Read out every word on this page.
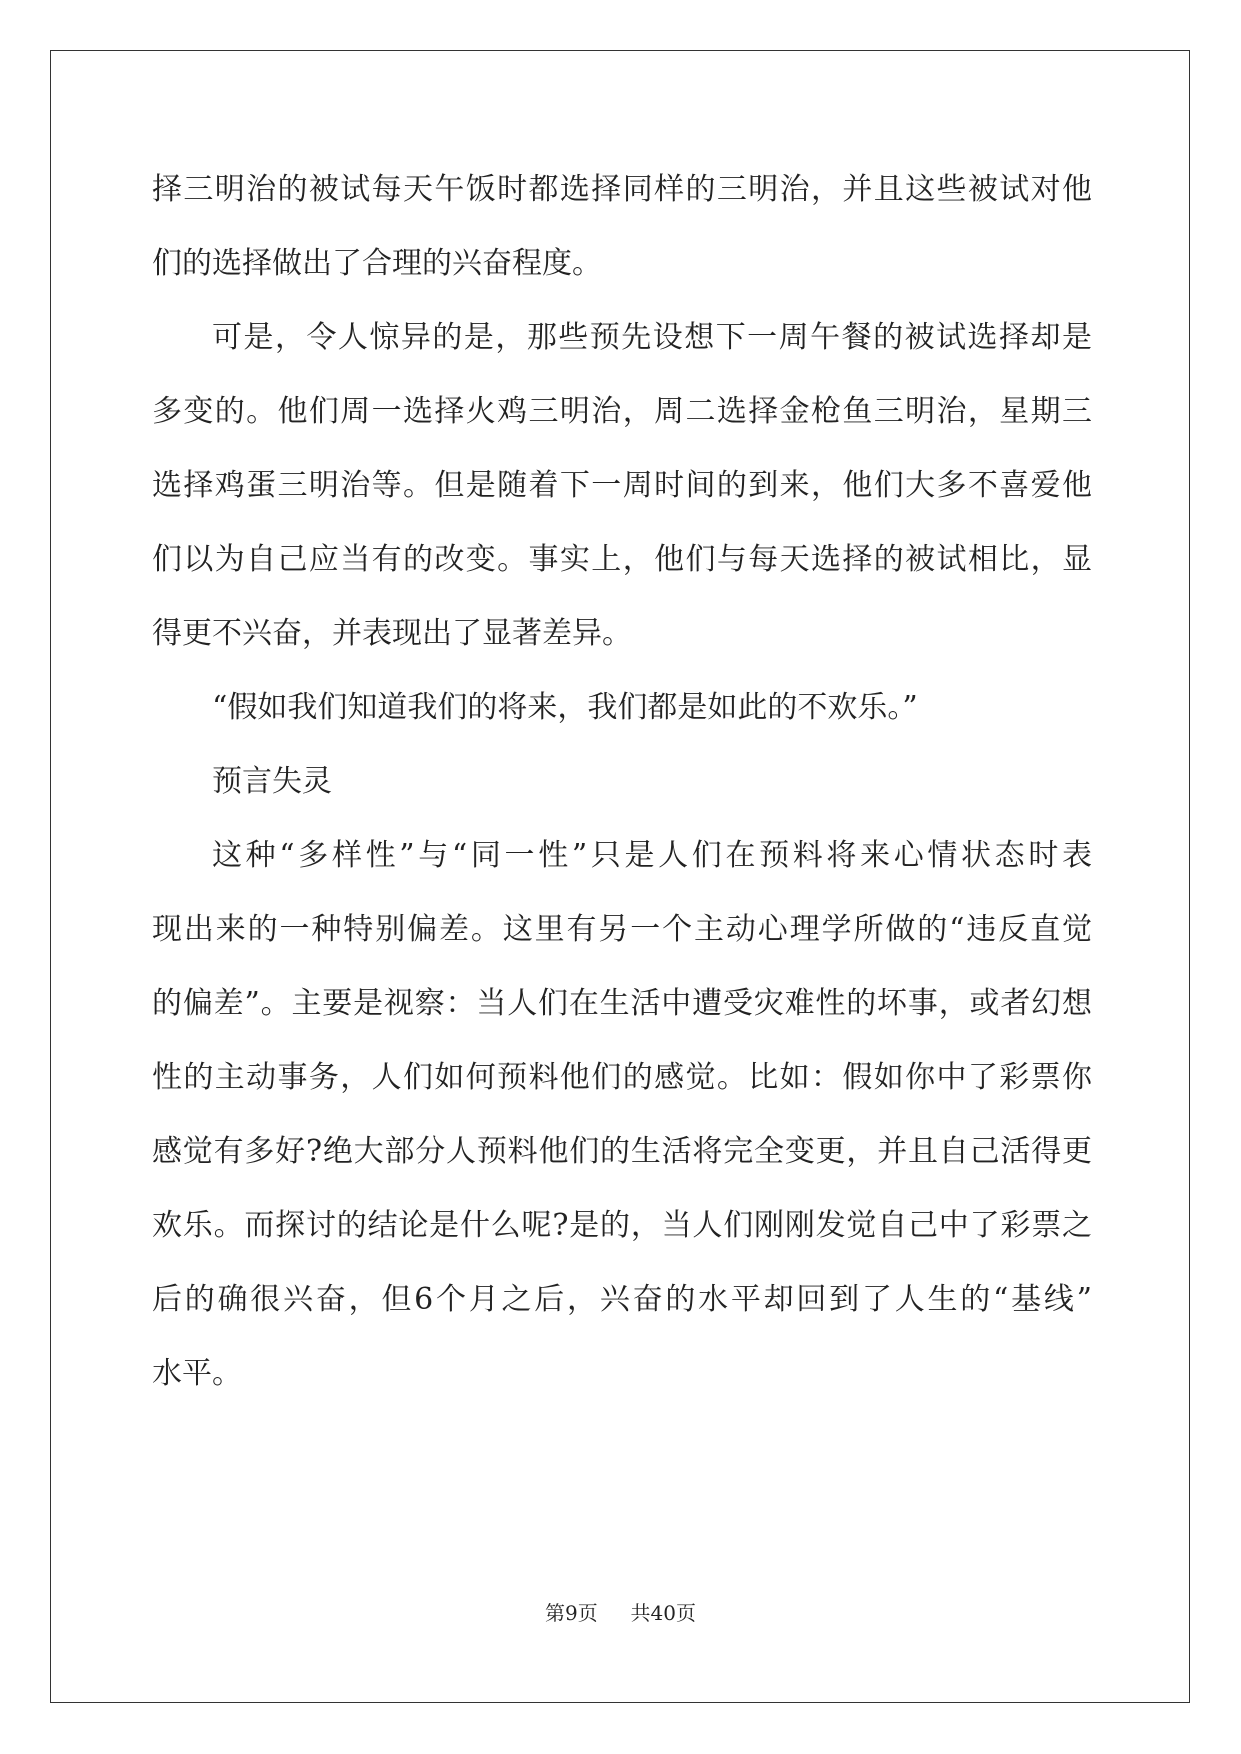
择三明治的被试每天午饭时都选择同样的三明治，并且这些被试对他
们的选择做出了合理的兴奋程度。
可是，令人惊异的是，那些预先设想下一周午餐的被试选择却是
多变的。他们周一选择火鸡三明治，周二选择金枪鱼三明治，星期三
选择鸡蛋三明治等。但是随着下一周时间的到来，他们大多不喜爱他
们以为自己应当有的改变。事实上，他们与每天选择的被试相比，显
得更不兴奋，并表现出了显著差异。
“假如我们知道我们的将来，我们都是如此的不欢乐。”
预言失灵
这种“多样性”与“同一性”只是人们在预料将来心情状态时表
现出来的一种特别偏差。这里有另一个主动心理学所做的“违反直觉
的偏差”。主要是视察：当人们在生活中遭受灾难性的坏事，或者幻想
性的主动事务，人们如何预料他们的感觉。比如：假如你中了彩票你
感觉有多好?绝大部分人预料他们的生活将完全变更，并且自己活得更
欢乐。而探讨的结论是什么呢?是的，当人们刚刚发觉自己中了彩票之
后的确很兴奋，但6个月之后，兴奋的水平却回到了人生的“基线”
水平。
第9页 共40页
